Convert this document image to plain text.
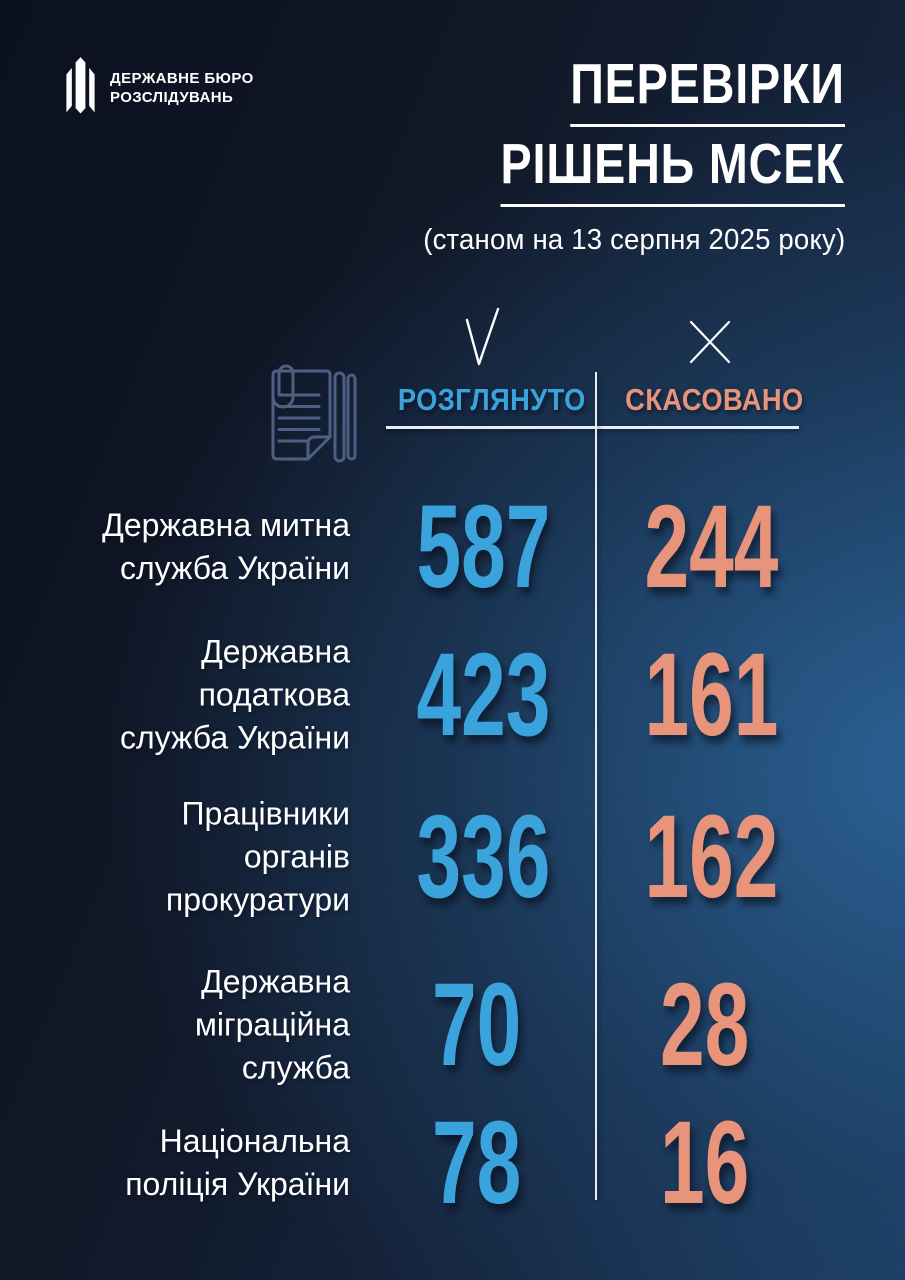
ДЕРЖАВНЕ БЮРО
РОЗСЛІДУВАНЬ	ПЕРЕВІРКИ
РІШЕНЬ МСЕК
(станом на 13 серпня 2025 року)
РОЗГЛЯНУТО	СКАСОВАНО
Державна митна
служба України 587 244
Державна
податкова
служба України 423 161
Працівники
органів
прокуратури 336 162
Державна
міграційна
служба 70	28
Національна
поліція України 78	16
